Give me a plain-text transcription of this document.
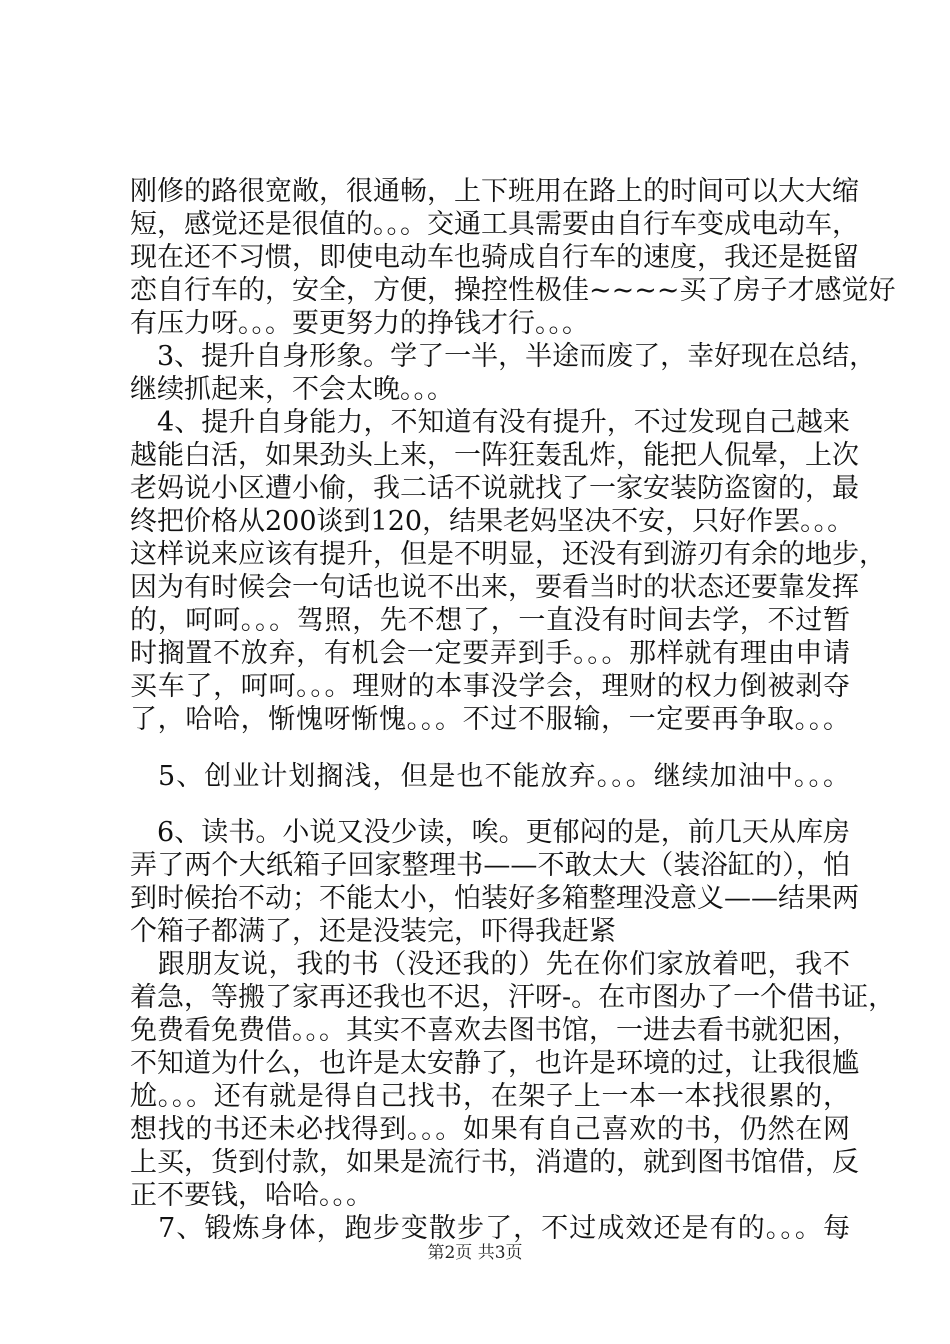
刚修的路很宽敞，很通畅，上下班用在路上的时间可以大大缩
短，感觉还是很值的。。。交通工具需要由自行车变成电动车，
现在还不习惯，即使电动车也骑成自行车的速度，我还是挺留
恋自行车的，安全，方便，操控性极佳~~~~买了房子才感觉好
有压力呀。。。要更努力的挣钱才行。。。
　3、提升自身形象。学了一半，半途而废了，幸好现在总结，
继续抓起来，不会太晚。。。
　4、提升自身能力，不知道有没有提升，不过发现自己越来
越能白活，如果劲头上来，一阵狂轰乱炸，能把人侃晕，上次
老妈说小区遭小偷，我二话不说就找了一家安装防盗窗的，最
终把价格从200谈到120，结果老妈坚决不安，只好作罢。。。
这样说来应该有提升，但是不明显，还没有到游刃有余的地步，
因为有时候会一句话也说不出来，要看当时的状态还要靠发挥
的，呵呵。。。驾照，先不想了，一直没有时间去学，不过暂
时搁置不放弃，有机会一定要弄到手。。。那样就有理由申请
买车了，呵呵。。。理财的本事没学会，理财的权力倒被剥夺
了，哈哈，惭愧呀惭愧。。。不过不服输，一定要再争取。。。
　5、创业计划搁浅，但是也不能放弃。。。继续加油中。。。
　6、读书。小说又没少读，唉。更郁闷的是，前几天从库房
弄了两个大纸箱子回家整理书——不敢太大（装浴缸的），怕
到时候抬不动；不能太小，怕装好多箱整理没意义——结果两
个箱子都满了，还是没装完，吓得我赶紧
　跟朋友说，我的书（没还我的）先在你们家放着吧，我不
着急，等搬了家再还我也不迟，汗呀-。在市图办了一个借书证，
免费看免费借。。。其实不喜欢去图书馆，一进去看书就犯困，
不知道为什么，也许是太安静了，也许是环境的过，让我很尴
尬。。。还有就是得自己找书，在架子上一本一本找很累的，
想找的书还未必找得到。。。如果有自己喜欢的书，仍然在网
上买，货到付款，如果是流行书，消遣的，就到图书馆借，反
正不要钱，哈哈。。。
　7、锻炼身体，跑步变散步了，不过成效还是有的。。。每
第2页 共3页
